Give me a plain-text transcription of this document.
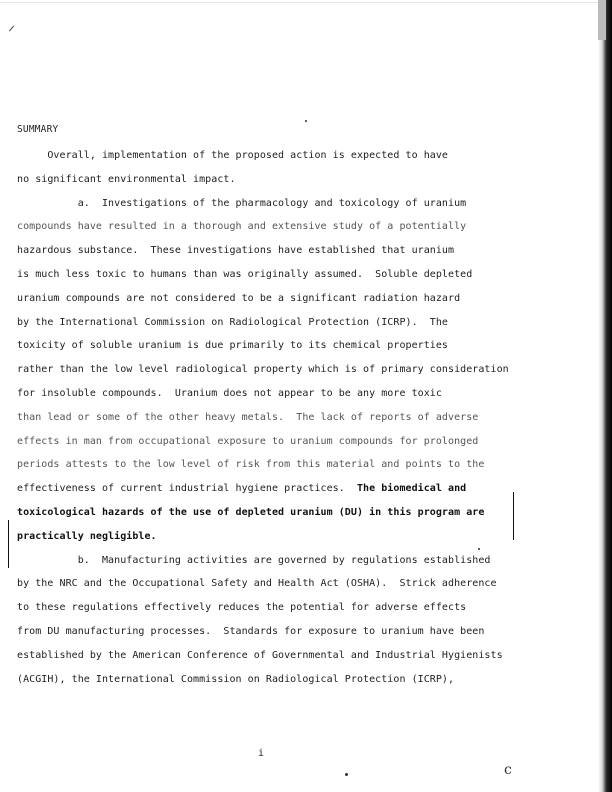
SUMMARY
Overall, implementation of the proposed action is expected to have
no significant environmental impact.
a.  Investigations of the pharmacology and toxicology of uranium
compounds have resulted in a thorough and extensive study of a potentially
hazardous substance.  These investigations have established that uranium
is much less toxic to humans than was originally assumed.  Soluble depleted
uranium compounds are not considered to be a significant radiation hazard
by the International Commission on Radiological Protection (ICRP).  The
toxicity of soluble uranium is due primarily to its chemical properties
rather than the low level radiological property which is of primary consideration
for insoluble compounds.  Uranium does not appear to be any more toxic
than lead or some of the other heavy metals.  The lack of reports of adverse
effects in man from occupational exposure to uranium compounds for prolonged
periods attests to the low level of risk from this material and points to the
effectiveness of current industrial hygiene practices.  The biomedical and
toxicological hazards of the use of depleted uranium (DU) in this program are
practically negligible.
b.  Manufacturing activities are governed by regulations established
by the NRC and the Occupational Safety and Health Act (OSHA).  Strick adherence
to these regulations effectively reduces the potential for adverse effects
from DU manufacturing processes.  Standards for exposure to uranium have been
established by the American Conference of Governmental and Industrial Hygienists
(ACGIH), the International Commission on Radiological Protection (ICRP),
i
c
